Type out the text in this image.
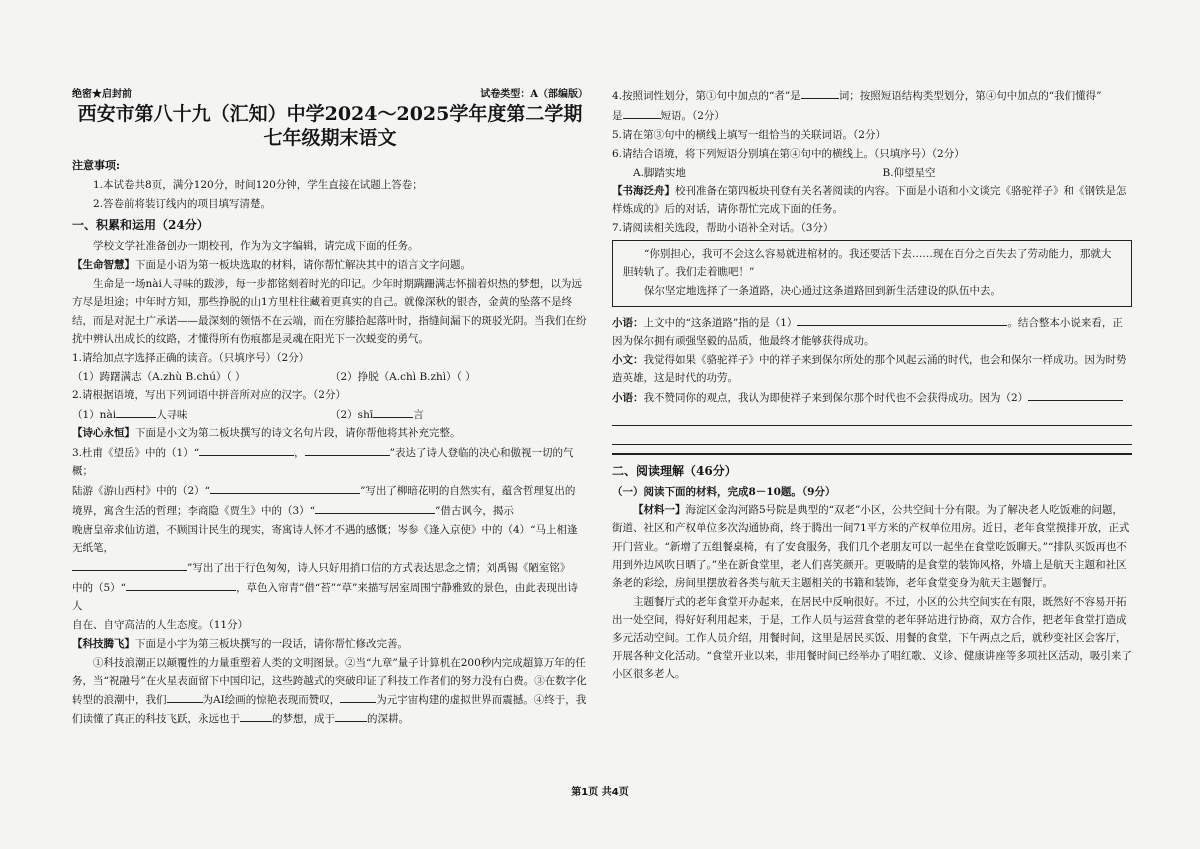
绝密★启封前	试卷类型：A（部编版）
西安市第八十九（汇知）中学2024～2025学年度第二学期
七年级期末语文
注意事项:

1.本试卷共8页，满分120分，时间120分钟，学生直接在试题上答卷；

2.答卷前将装订线内的项目填写清楚。

一、积累和运用（24分）

学校文学社准备创办一期校刊，作为为文字编辑，请完成下面的任务。

【生命智慧】下面是小语为第一板块选取的材料，请你帮忙解决其中的语言文字问题。

生命是一场nài人寻味的跋涉，每一步都铭刻着时光的印记。少年时期蹒跚满志怀揣着炽热的梦想，以为远方尽是坦途；中年时方知，那些挣脱的山1方里柱往藏着更真实的自己。就像深秋的银杏，金黄的坠落不是终结，而是对泥土广承诺——最深刻的领悟不在云端，而在穷膝拾起落叶时，指缝间漏下的斑驳光阴。当我们在纷扰中辨认出成长的纹路，才懂得所有伤痕都是灵魂在阳光下一次蜕变的勇气。

1.请给加点字选择正确的读音。（只填序号）（2分）

（1）踌躇满志（A.zhù B.chú）（ ）	（2）挣脱（A.chì B.zhì）（ ）

2.请根据语境，写出下列词语中拼音所对应的汉字。（2分）

（1）nài	人寻味	（2）shī	言

【诗心永恒】下面是小文为第二板块撰写的诗文名句片段，请你帮他将其补充完整。

3.杜甫《望岳》中的（1）“	，	”表达了诗人登临的决心和傲视一切的气概；

陆游《游山西村》中的（2）“	”写出了柳暗花明的自然实有，蕴含哲理复出的

境界，寓含生活的哲理；李商隐《贾生》中的（3）“	”借古讽今，揭示

晚唐皇帝求仙访道，不顾国计民生的现实，寄寓诗人怀才不遇的感慨；岑参《逢入京使》中的（4）“马上相逢无纸笔，

”写出了出于行色匆匆，诗人只好用捎口信的方式表达思念之情；刘禹锡《陋室铭》

中的（5）“	，草色入帘青”借“苔”“草”来描写居室周围宁静雅致的景色，由此表现出诗人

自在、自守高洁的人生态度。（11分）

【科技腾飞】下面是小宇为第三板块撰写的一段话，请你帮忙修改完善。

①科技浪潮正以颠覆性的力量重塑着人类的文明图景。②当“九章”量子计算机在200秒内完成超算万年的任务，当“祝融号”在火星表面留下中国印记，这些跨越式的突破印证了科技工作者们的努力没有白费。③在数字化转型的浪潮中，我们	为AI绘画的惊艳表现而赞叹，	为元宇宙构建的虚拟世界而震撼。④终于，我们读懂了真正的科技飞跃，永远也于	的梦想，成于	的深耕。

4.按照词性划分，第①句中加点的“者”是	词；按照短语结构类型划分，第④句中加点的“我们懂得”

是	短语。（2分）

5.请在第③句中的横线上填写一组恰当的关联词语。（2分）

6.请结合语境，将下列短语分别填在第④句中的横线上。（只填序号）（2分）

A.脚踏实地	B.仰望星空

【书海泛舟】校刊准备在第四板块刊登有关名著阅读的内容。下面是小语和小文谈完《骆驼祥子》和《钢铁是怎样炼成的》后的对话，请你帮忙完成下面的任务。

7.请阅读相关选段，帮助小语补全对话。（3分）

“你别担心，我可不会这么容易就进棺材的。我还要活下去……现在百分之百失去了劳动能力，那就大胆转轨了。我们走着瞧吧！”

保尔坚定地选择了一条道路，决心通过这条道路回到新生活建设的队伍中去。

小语：上文中的“这条道路”指的是（1）	。结合整本小说来看，正因为保尔拥有顽强坚毅的品质，他最终才能够获得成功。

小文：我觉得如果《骆驼祥子》中的祥子来到保尔所处的那个风起云涌的时代，也会和保尔一样成功。因为时势造英雄，这是时代的功劳。

小语：我不赞同你的观点，我认为即使祥子来到保尔那个时代也不会获得成功。因为（2）

二、阅读理解（46分）
（一）阅读下面的材料，完成8－10题。（9分）

【材料一】海淀区金沟河路5号院是典型的“双老”小区，公共空间十分有限。为了解决老人吃饭难的问题，街道、社区和产权单位多次沟通协商，终于腾出一间71平方米的产权单位用房。近日，老年食堂摸排开放，正式开门营业。“新增了五组餐桌椅，有了安食服务，我们几个老朋友可以一起坐在食堂吃饭聊天。”“排队买饭再也不用到外边风吹日晒了。”坐在新食堂里，老人们喜笑颜开。更吸睛的是食堂的装饰风格，外墙上是航天主题和社区条老的彩绘，房间里摆放着各类与航天主题相关的书籍和装饰，老年食堂变身为航天主题餐厅。

主题餐厅式的老年食堂开办起来，在居民中反响很好。不过，小区的公共空间实在有限，既然好不容易开拓出一处空间，得好好利用起来，于是，工作人员与运营食堂的老年驿站进行协商，双方合作，把老年食堂打造成多元活动空间。工作人员介绍，用餐时间，这里是居民买饭、用餐的食堂，下午两点之后，就秒变社区会客厅，开展各种文化活动。“食堂开业以来，非用餐时间已经举办了唱红歌、义诊、健康讲座等多项社区活动，吸引来了小区很多老人。

第1页 共4页
